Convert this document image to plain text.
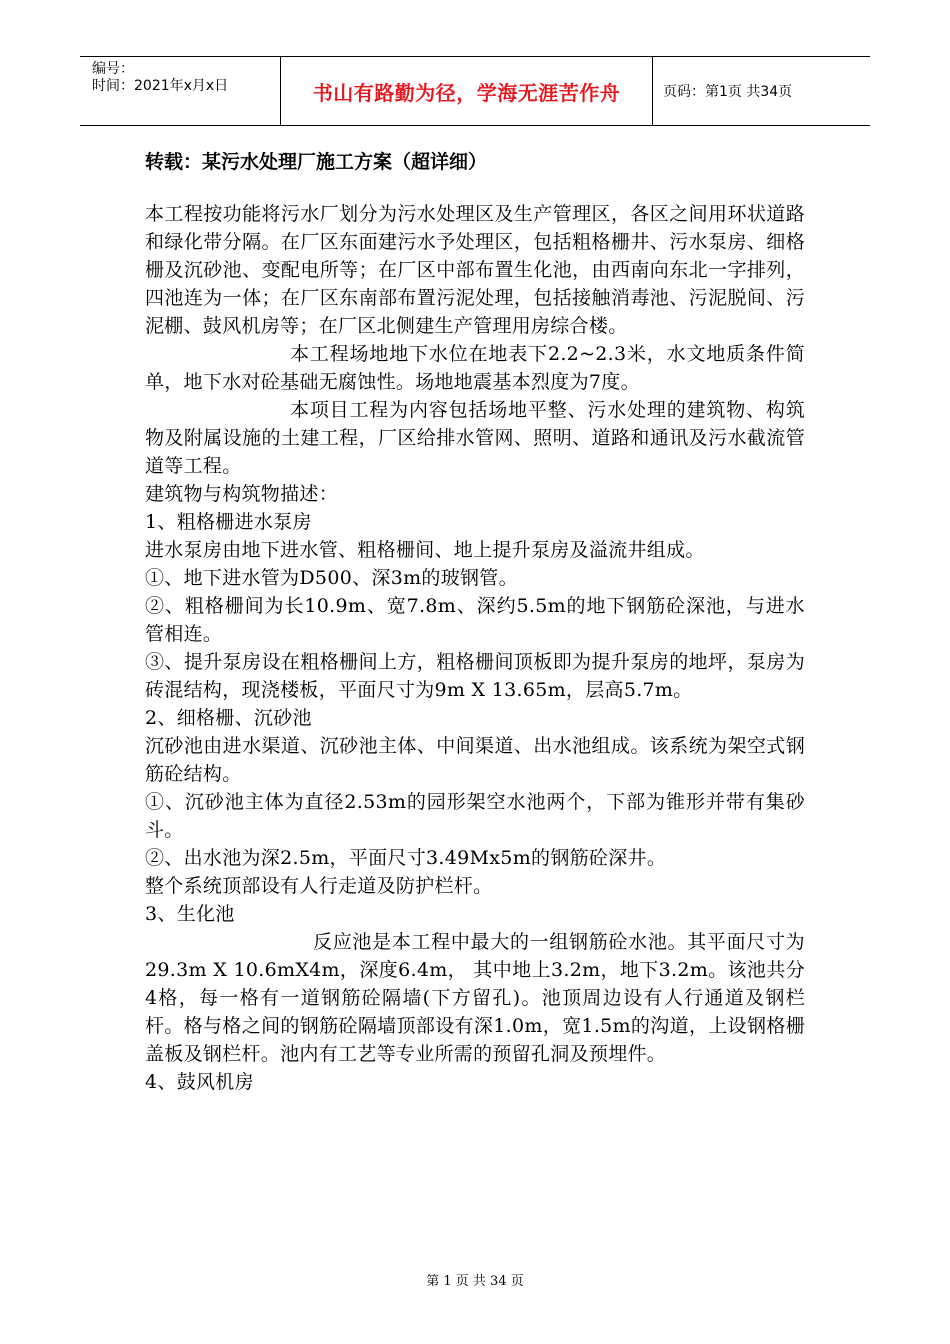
编号：
时间：2021年x月x日	书山有路勤为径，学海无涯苦作舟	页码：第1页 共34页
转载：某污水处理厂施工方案（超详细）

本工程按功能将污水厂划分为污水处理区及生产管理区，各区之间用环状道路和绿化带分隔。在厂区东面建污水予处理区，包括粗格栅井、污水泵房、细格栅及沉砂池、变配电所等；在厂区中部布置生化池，由西南向东北一字排列，四池连为一体；在厂区东南部布置污泥处理，包括接触消毒池、污泥脱间、污泥棚、鼓风机房等；在厂区北侧建生产管理用房综合楼。

本工程场地地下水位在地表下2.2~2.3米，水文地质条件简单，地下水对砼基础无腐蚀性。场地地震基本烈度为7度。

本项目工程为内容包括场地平整、污水处理的建筑物、构筑物及附属设施的土建工程，厂区给排水管网、照明、道路和通讯及污水截流管道等工程。

建筑物与构筑物描述：

1、粗格栅进水泵房

进水泵房由地下进水管、粗格栅间、地上提升泵房及溢流井组成。

①、地下进水管为D500、深3m的玻钢管。

②、粗格栅间为长10.9m、宽7.8m、深约5.5m的地下钢筋砼深池，与进水管相连。

③、提升泵房设在粗格栅间上方，粗格栅间顶板即为提升泵房的地坪，泵房为砖混结构，现浇楼板，平面尺寸为9m X 13.65m，层高5.7m。

2、细格栅、沉砂池

沉砂池由进水渠道、沉砂池主体、中间渠道、出水池组成。该系统为架空式钢筋砼结构。

①、沉砂池主体为直径2.53m的园形架空水池两个，下部为锥形并带有集砂斗。

②、出水池为深2.5m，平面尺寸3.49Mx5m的钢筋砼深井。

整个系统顶部设有人行走道及防护栏杆。

3、生化池

反应池是本工程中最大的一组钢筋砼水池。其平面尺寸为29.3m X 10.6mX4m，深度6.4m， 其中地上3.2m，地下3.2m。该池共分4格，每一格有一道钢筋砼隔墙(下方留孔)。池顶周边设有人行通道及钢栏杆。格与格之间的钢筋砼隔墙顶部设有深1.0m，宽1.5m的沟道，上设钢格栅盖板及钢栏杆。池内有工艺等专业所需的预留孔洞及预埋件。

4、鼓风机房

第 1 页 共 34 页
